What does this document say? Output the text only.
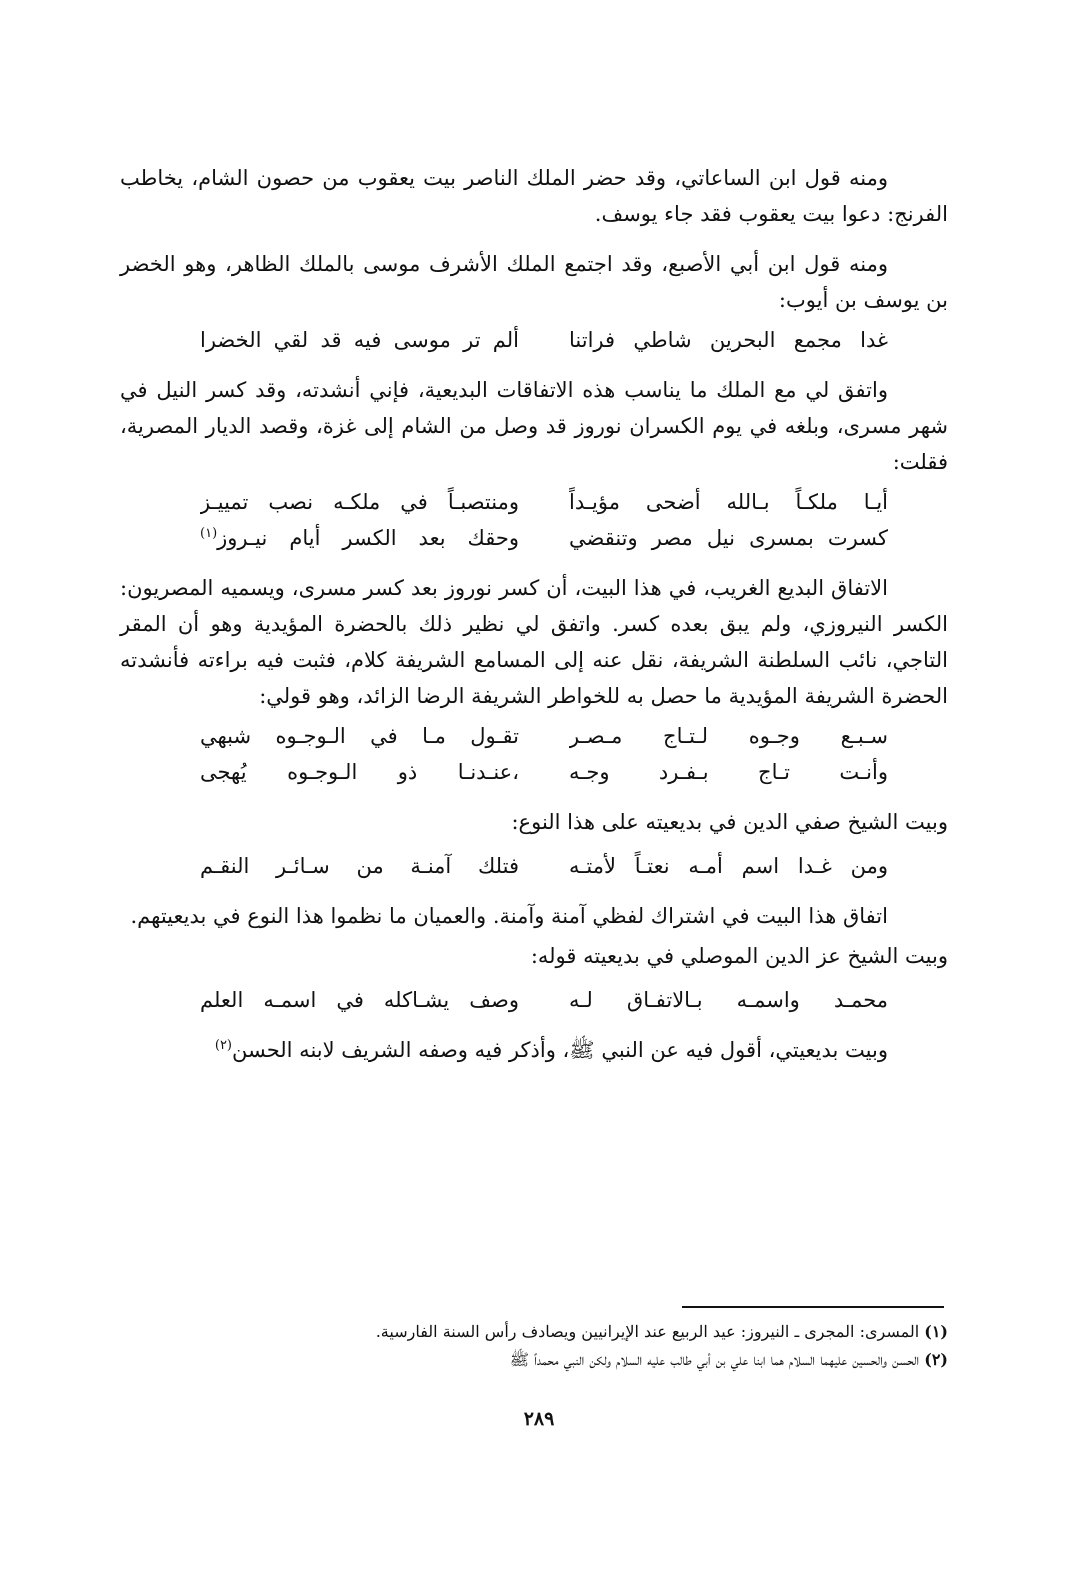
ومنه قول ابن الساعاتي، وقد حضر الملك الناصر بيت يعقوب من حصون الشام، يخاطب الفرنج: دعوا بيت يعقوب فقد جاء يوسف.

ومنه قول ابن أبي الأصبع، وقد اجتمع الملك الأشرف موسى بالملك الظاهر، وهو الخضر بن يوسف بن أيوب:

غدا مجمع البحرين شاطي فراتنا
ألم تر موسى فيه قد لقي الخضرا

واتفق لي مع الملك ما يناسب هذه الاتفاقات البديعية، فإني أنشدته، وقد كسر النيل في شهر مسرى، وبلغه في يوم الكسران نوروز قد وصل من الشام إلى غزة، وقصد الديار المصرية، فقلت:

أيـا ملكـاً بـالله أضحى مؤيـداً
ومنتصبـاً في ملكـه نصب تمييـز
كسرت بمسرى نيل مصر وتنقضي
وحقك بعد الكسر أيام نيـروز$^{(١)}$

الاتفاق البديع الغريب، في هذا البيت، أن كسر نوروز بعد كسر مسرى، ويسميه المصريون: الكسر النيروزي، ولم يبق بعده كسر. واتفق لي نظير ذلك بالحضرة المؤيدية وهو أن المقر التاجي، نائب السلطنة الشريفة، نقل عنه إلى المسامع الشريفة كلام، فثبت فيه براءته فأنشدته الحضرة الشريفة المؤيدية ما حصل به للخواطر الشريفة الرضا الزائد، وهو قولي:

سـبـع وجـوه لـتـاج مـصـر
تقـول مـا في الـوجـوه شبهي
وأنـت تـاج بـفـرد وجـه
،عنـدنـا ذو الـوجـوه يُهجى

وبيت الشيخ صفي الدين في بديعيته على هذا النوع:

ومن غـدا اسم أمـه نعتـاً لأمتـه
فتلك آمنـة من سـائـر النقـم

اتفاق هذا البيت في اشتراك لفظي آمنة وآمنة. والعميان ما نظموا هذا النوع في بديعيتهم.

وبيت الشيخ عز الدين الموصلي في بديعيته قوله:

محمـد واسمـه بـالاتفـاق لـه
وصف يشـاكله في اسمـه العلم

وبيت بديعيتي، أقول فيه عن النبي ﷺ، وأذكر فيه وصفه الشريف لابنه الحسن$^{(٢)}$

(١) المسرى: المجرى ـ النيروز: عيد الربيع عند الإيرانيين ويصادف رأس السنة الفارسية.

(٢) الحسن والحسين عليهما السلام هما ابنا علي بن أبي طالب عليه السلام ولكن النبي محمداً ﷺ

٢٨٩
